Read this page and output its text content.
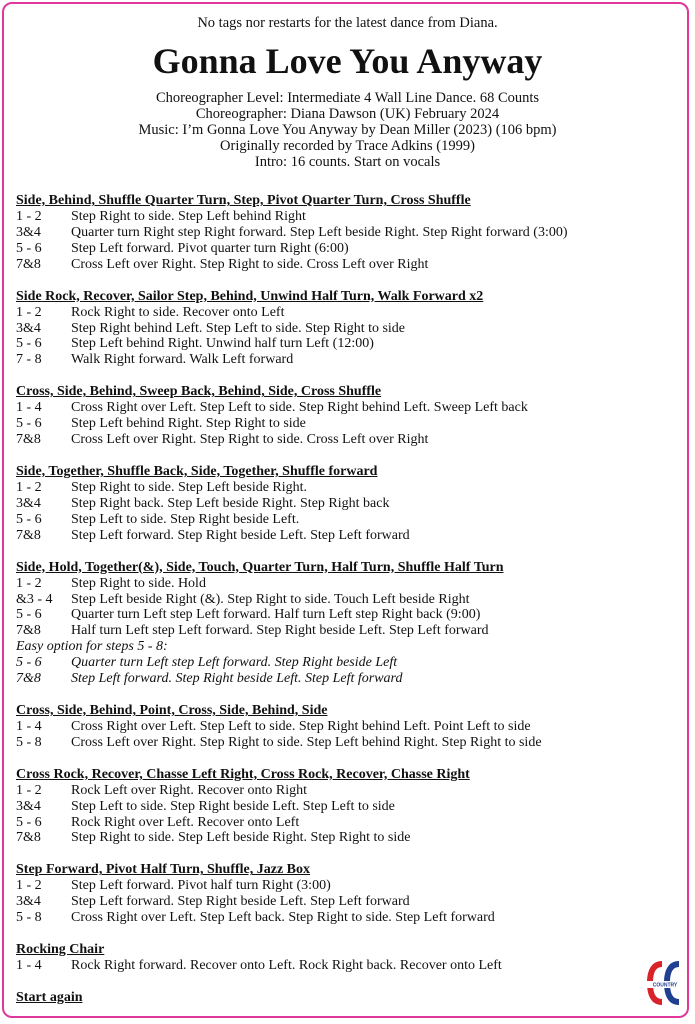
No tags nor restarts for the latest dance from Diana.
Gonna Love You Anyway
Choreographer Level: Intermediate 4 Wall Line Dance. 68 Counts
Choreographer: Diana Dawson (UK) February 2024
Music: I’m Gonna Love You Anyway by Dean Miller (2023) (106 bpm)
Originally recorded by Trace Adkins (1999)
Intro: 16 counts. Start on vocals
Side, Behind, Shuffle Quarter Turn, Step, Pivot Quarter Turn, Cross Shuffle
1 - 2	Step Right to side. Step Left behind Right
3&4	Quarter turn Right step Right forward. Step Left beside Right. Step Right forward (3:00)
5 - 6	Step Left forward. Pivot quarter turn Right (6:00)
7&8	Cross Left over Right. Step Right to side. Cross Left over Right
Side Rock, Recover, Sailor Step, Behind, Unwind Half Turn, Walk Forward x2
1 - 2	Rock Right to side. Recover onto Left
3&4	Step Right behind Left. Step Left to side. Step Right to side
5 - 6	Step Left behind Right. Unwind half turn Left (12:00)
7 - 8	Walk Right forward. Walk Left forward
Cross, Side, Behind, Sweep Back, Behind, Side, Cross Shuffle
1 - 4	Cross Right over Left. Step Left to side. Step Right behind Left. Sweep Left back
5 - 6	Step Left behind Right. Step Right to side
7&8	Cross Left over Right. Step Right to side. Cross Left over Right
Side, Together, Shuffle Back, Side, Together, Shuffle forward
1 - 2	Step Right to side. Step Left beside Right.
3&4	Step Right back. Step Left beside Right. Step Right back
5 - 6	Step Left to side. Step Right beside Left.
7&8	Step Left forward. Step Right beside Left. Step Left forward
Side, Hold, Together(&), Side, Touch, Quarter Turn, Half Turn, Shuffle Half Turn
1 - 2	Step Right to side. Hold
&3 - 4	Step Left beside Right (&). Step Right to side. Touch Left beside Right
5 - 6	Quarter turn Left step Left forward. Half turn Left step Right back (9:00)
7&8	Half turn Left step Left forward. Step Right beside Left. Step Left forward
Easy option for steps 5 - 8:
5 - 6	Quarter turn Left step Left forward. Step Right beside Left
7&8	Step Left forward. Step Right beside Left. Step Left forward
Cross, Side, Behind, Point, Cross, Side, Behind, Side
1 - 4	Cross Right over Left. Step Left to side. Step Right behind Left. Point Left to side
5 - 8	Cross Left over Right. Step Right to side. Step Left behind Right. Step Right to side
Cross Rock, Recover, Chasse Left Right, Cross Rock, Recover, Chasse Right
1 - 2	Rock Left over Right. Recover onto Right
3&4	Step Left to side. Step Right beside Left. Step Left to side
5 - 6	Rock Right over Left. Recover onto Left
7&8	Step Right to side. Step Left beside Right. Step Right to side
Step Forward, Pivot Half Turn, Shuffle, Jazz Box
1 - 2	Step Left forward. Pivot half turn Right (3:00)
3&4	Step Left forward. Step Right beside Left. Step Left forward
5 - 8	Cross Right over Left. Step Left back. Step Right to side. Step Left forward
Rocking Chair
1 - 4	Rock Right forward. Recover onto Left. Rock Right back. Recover onto Left
Start again
COUNTRY
